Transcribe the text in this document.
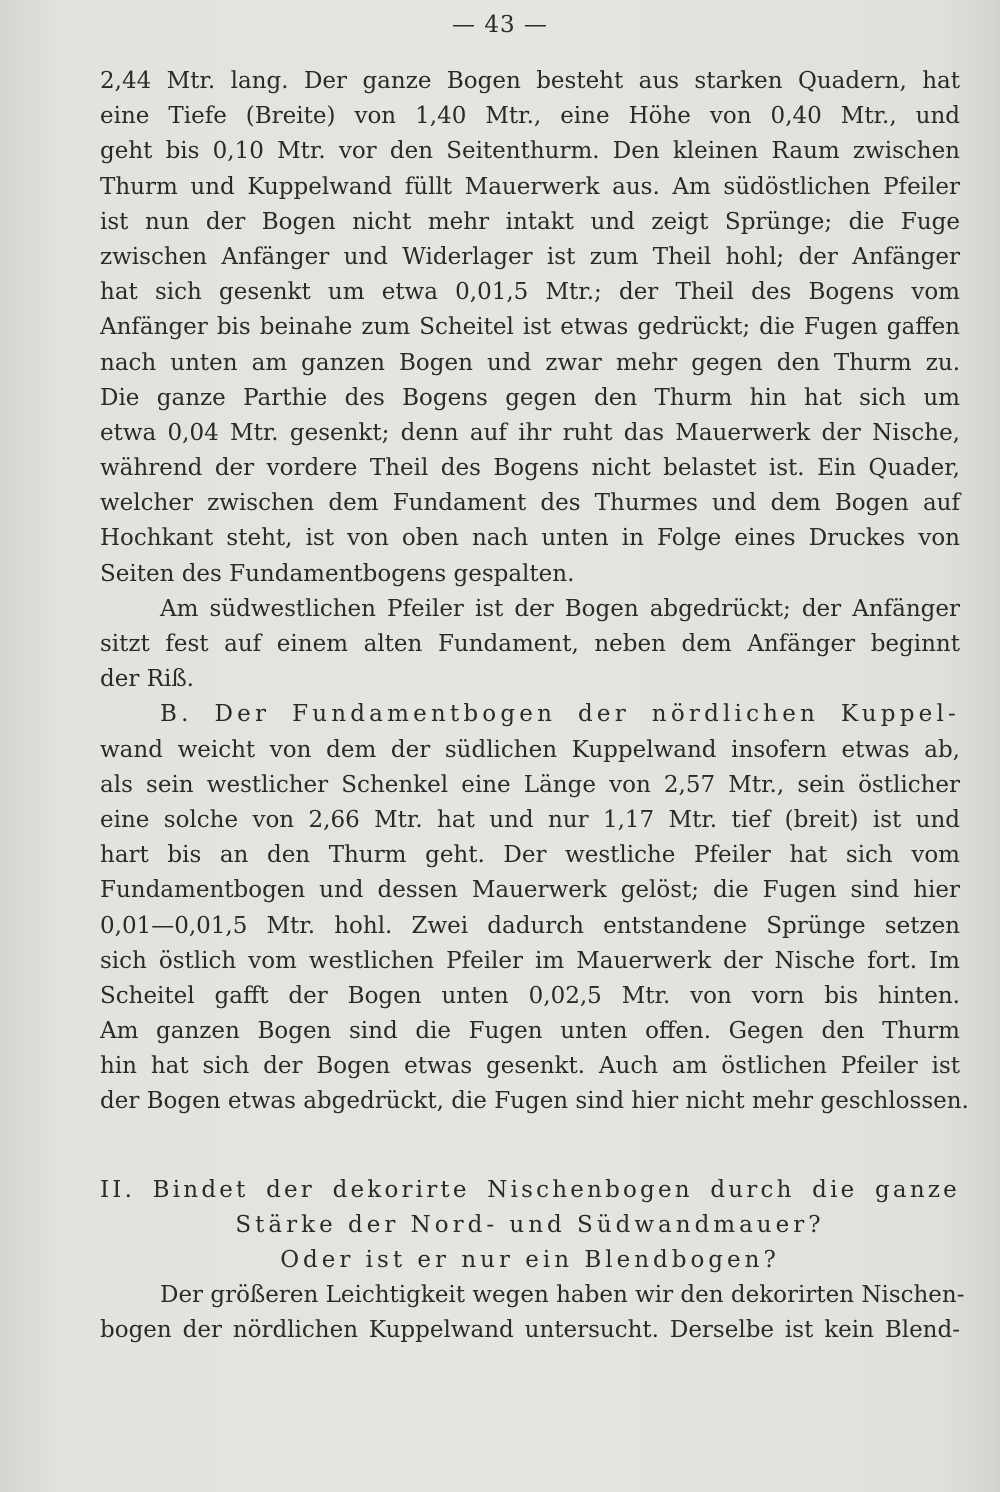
— 43 —
2,44 Mtr. lang. Der ganze Bogen besteht aus starken Quadern, hat
eine Tiefe (Breite) von 1,40 Mtr., eine Höhe von 0,40 Mtr., und
geht bis 0,10 Mtr. vor den Seitenthurm. Den kleinen Raum zwischen
Thurm und Kuppelwand füllt Mauerwerk aus. Am südöstlichen Pfeiler
ist nun der Bogen nicht mehr intakt und zeigt Sprünge; die Fuge
zwischen Anfänger und Widerlager ist zum Theil hohl; der Anfänger
hat sich gesenkt um etwa 0,01,5 Mtr.; der Theil des Bogens vom
Anfänger bis beinahe zum Scheitel ist etwas gedrückt; die Fugen gaffen
nach unten am ganzen Bogen und zwar mehr gegen den Thurm zu.
Die ganze Parthie des Bogens gegen den Thurm hin hat sich um
etwa 0,04 Mtr. gesenkt; denn auf ihr ruht das Mauerwerk der Nische,
während der vordere Theil des Bogens nicht belastet ist. Ein Quader,
welcher zwischen dem Fundament des Thurmes und dem Bogen auf
Hochkant steht, ist von oben nach unten in Folge eines Druckes von
Seiten des Fundamentbogens gespalten.
Am südwestlichen Pfeiler ist der Bogen abgedrückt; der Anfänger
sitzt fest auf einem alten Fundament, neben dem Anfänger beginnt
der Riß.
B. Der Fundamentbogen der nördlichen Kuppel-
wand weicht von dem der südlichen Kuppelwand insofern etwas ab,
als sein westlicher Schenkel eine Länge von 2,57 Mtr., sein östlicher
eine solche von 2,66 Mtr. hat und nur 1,17 Mtr. tief (breit) ist und
hart bis an den Thurm geht. Der westliche Pfeiler hat sich vom
Fundamentbogen und dessen Mauerwerk gelöst; die Fugen sind hier
0,01—0,01,5 Mtr. hohl. Zwei dadurch entstandene Sprünge setzen
sich östlich vom westlichen Pfeiler im Mauerwerk der Nische fort. Im
Scheitel gafft der Bogen unten 0,02,5 Mtr. von vorn bis hinten.
Am ganzen Bogen sind die Fugen unten offen. Gegen den Thurm
hin hat sich der Bogen etwas gesenkt. Auch am östlichen Pfeiler ist
der Bogen etwas abgedrückt, die Fugen sind hier nicht mehr geschlossen.
II. Bindet der dekorirte Nischenbogen durch die ganze
Stärke der Nord- und Südwandmauer?
Oder ist er nur ein Blendbogen?
Der größeren Leichtigkeit wegen haben wir den dekorirten Nischen-
bogen der nördlichen Kuppelwand untersucht. Derselbe ist kein Blend-
